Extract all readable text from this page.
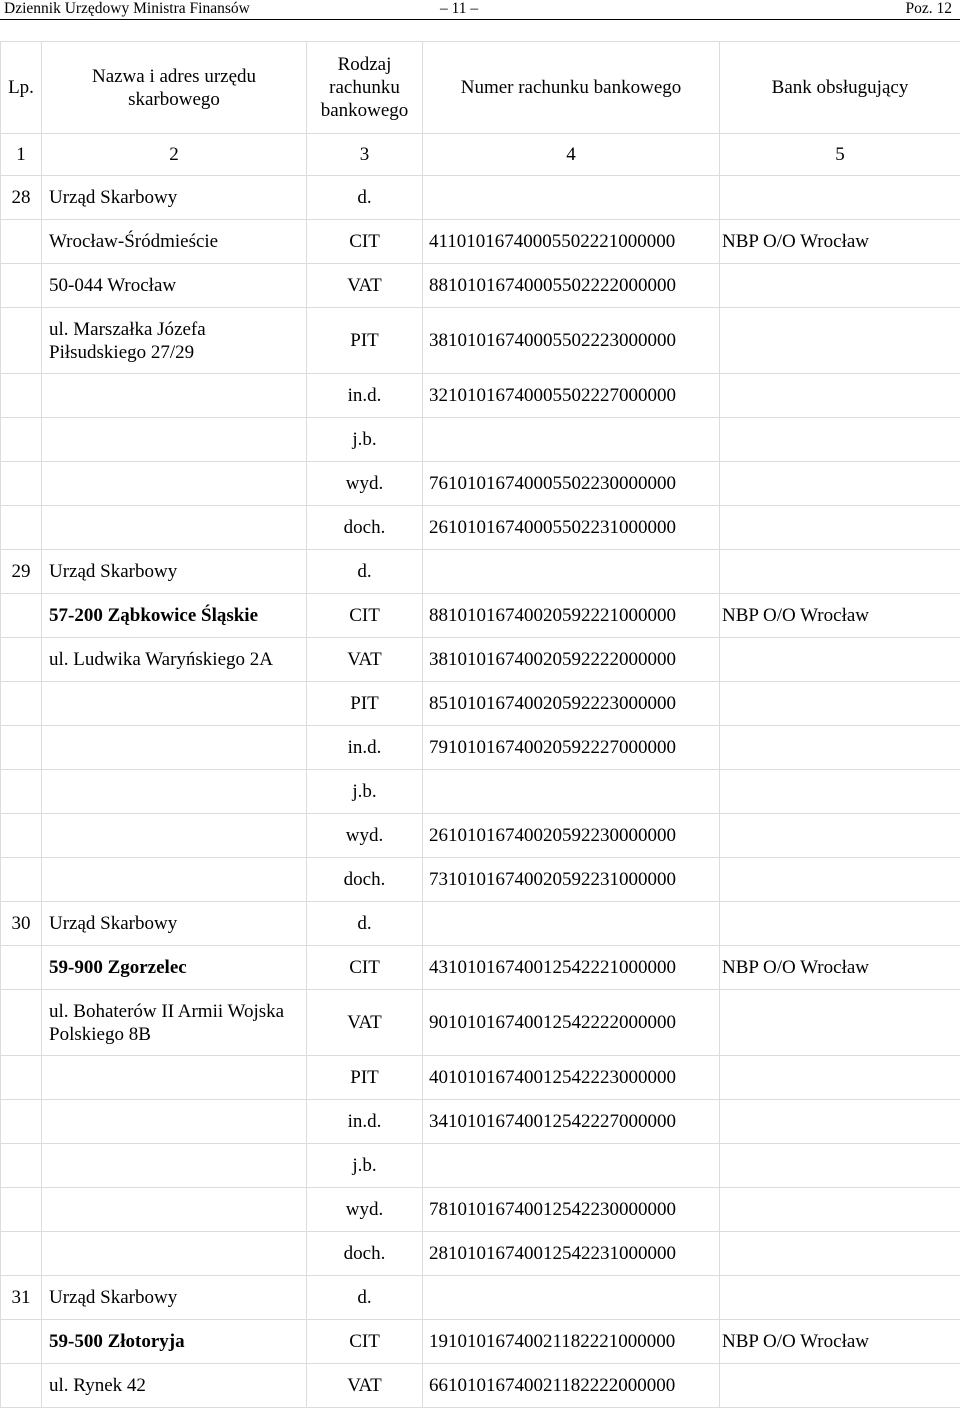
Dziennik Urzędowy Ministra Finansów	– 11 –	Poz. 12
Lp.	Nazwa i adres urzędu skarbowego	Rodzaj rachunku bankowego	Numer rachunku bankowego	Bank obsługujący
1	2	3	4	5
28	Urząd Skarbowy	d.		
	Wrocław-Śródmieście	CIT	41101016740005502221000000	NBP O/O Wrocław
	50-044 Wrocław	VAT	88101016740005502222000000	
	ul. Marszałka Józefa Piłsudskiego 27/29	PIT	38101016740005502223000000	
		in.d.	32101016740005502227000000	
		j.b.		
		wyd.	76101016740005502230000000	
		doch.	26101016740005502231000000	
29	Urząd Skarbowy	d.		
	57-200 Ząbkowice Śląskie	CIT	88101016740020592221000000	NBP O/O Wrocław
	ul. Ludwika Waryńskiego 2A	VAT	38101016740020592222000000	
		PIT	85101016740020592223000000	
		in.d.	79101016740020592227000000	
		j.b.		
		wyd.	26101016740020592230000000	
		doch.	73101016740020592231000000	
30	Urząd Skarbowy	d.		
	59-900 Zgorzelec	CIT	43101016740012542221000000	NBP O/O Wrocław
	ul. Bohaterów II Armii Wojska Polskiego 8B	VAT	90101016740012542222000000	
		PIT	40101016740012542223000000	
		in.d.	34101016740012542227000000	
		j.b.		
		wyd.	78101016740012542230000000	
		doch.	28101016740012542231000000	
31	Urząd Skarbowy	d.		
	59-500 Złotoryja	CIT	19101016740021182221000000	NBP O/O Wrocław
	ul. Rynek 42	VAT	66101016740021182222000000	
